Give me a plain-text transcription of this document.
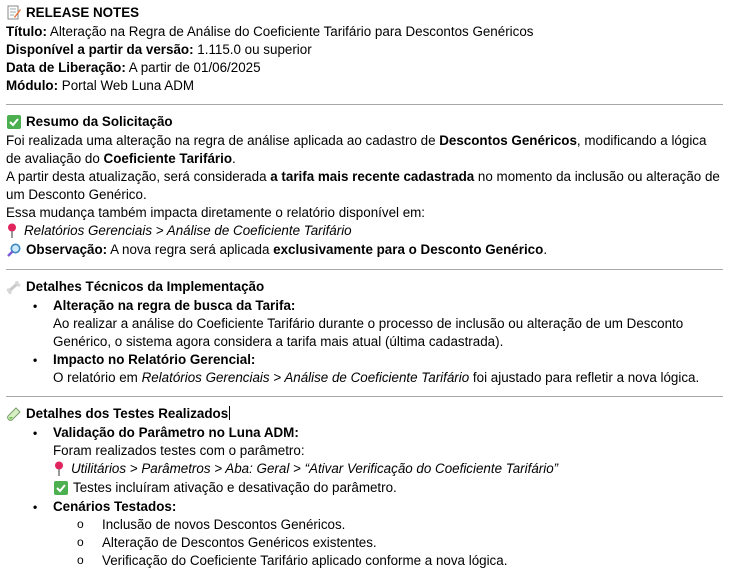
RELEASE NOTES
Título: Alteração na Regra de Análise do Coeficiente Tarifário para Descontos Genéricos
Disponível a partir da versão: 1.115.0 ou superior
Data de Liberação: A partir de 01/06/2025
Módulo: Portal Web Luna ADM
Resumo da Solicitação
Foi realizada uma alteração na regra de análise aplicada ao cadastro de Descontos Genéricos, modificando a lógica de avaliação do Coeficiente Tarifário.
A partir desta atualização, será considerada a tarifa mais recente cadastrada no momento da inclusão ou alteração de um Desconto Genérico.
Essa mudança também impacta diretamente o relatório disponível em:
Relatórios Gerenciais > Análise de Coeficiente Tarifário
Observação: A nova regra será aplicada exclusivamente para o Desconto Genérico.
Detalhes Técnicos da Implementação
• Alteração na regra de busca da Tarifa:
Ao realizar a análise do Coeficiente Tarifário durante o processo de inclusão ou alteração de um Desconto Genérico, o sistema agora considera a tarifa mais atual (última cadastrada).
• Impacto no Relatório Gerencial:
O relatório em Relatórios Gerenciais > Análise de Coeficiente Tarifário foi ajustado para refletir a nova lógica.
Detalhes dos Testes Realizados
• Validação do Parâmetro no Luna ADM:
Foram realizados testes com o parâmetro:
Utilitários > Parâmetros > Aba: Geral > “Ativar Verificação do Coeficiente Tarifário”
Testes incluíram ativação e desativação do parâmetro.
• Cenários Testados:
o Inclusão de novos Descontos Genéricos.
o Alteração de Descontos Genéricos existentes.
o Verificação do Coeficiente Tarifário aplicado conforme a nova lógica.
